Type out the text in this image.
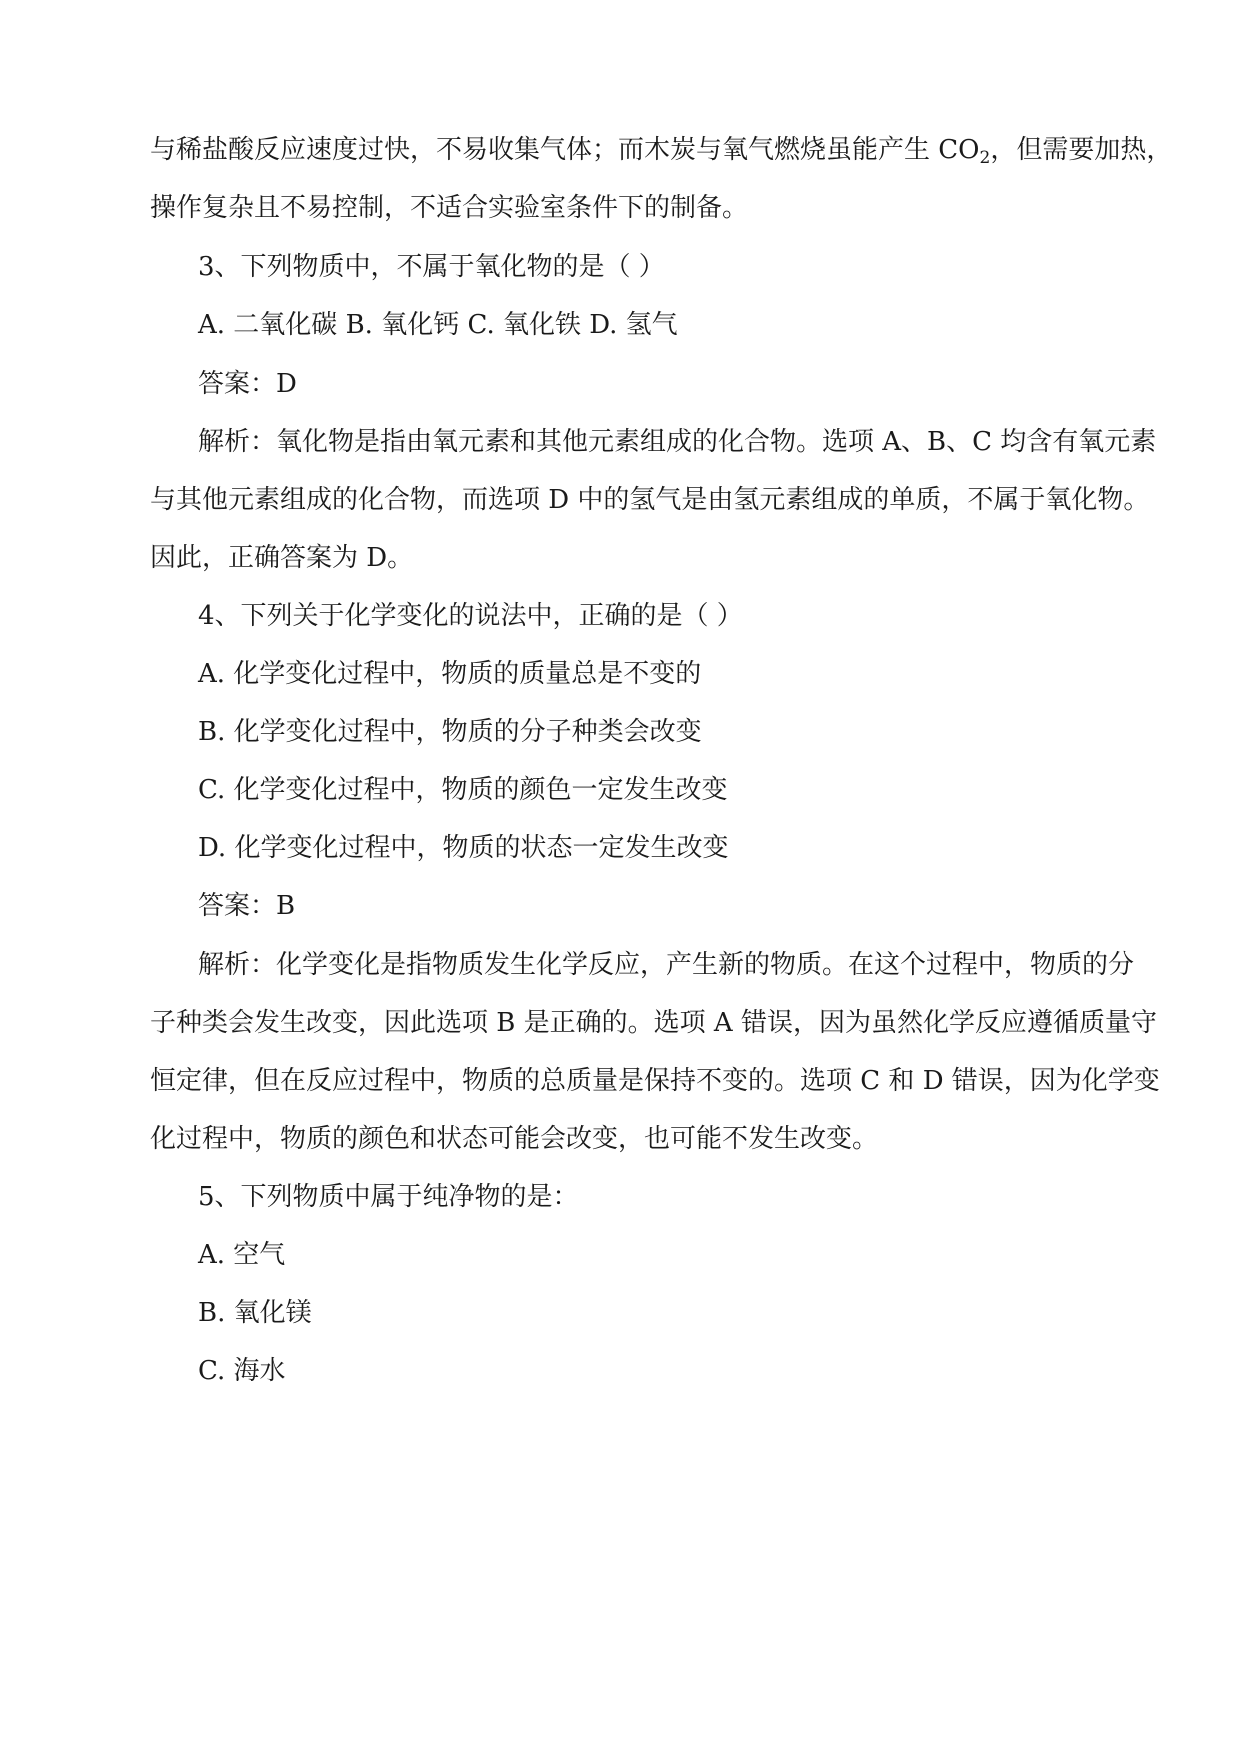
与稀盐酸反应速度过快，不易收集气体；而木炭与氧气燃烧虽能产生 $CO_2$，但需要加热，
操作复杂且不易控制，不适合实验室条件下的制备。
3、下列物质中，不属于氧化物的是（ ）
A. 二氧化碳 B. 氧化钙 C. 氧化铁 D. 氢气
答案：D
解析：氧化物是指由氧元素和其他元素组成的化合物。选项 A、B、C 均含有氧元素
与其他元素组成的化合物，而选项 D 中的氢气是由氢元素组成的单质，不属于氧化物。
因此，正确答案为 D。
4、下列关于化学变化的说法中，正确的是（ ）
A. 化学变化过程中，物质的质量总是不变的
B. 化学变化过程中，物质的分子种类会改变
C. 化学变化过程中，物质的颜色一定发生改变
D. 化学变化过程中，物质的状态一定发生改变
答案：B
解析：化学变化是指物质发生化学反应，产生新的物质。在这个过程中，物质的分
子种类会发生改变，因此选项 B 是正确的。选项 A 错误，因为虽然化学反应遵循质量守
恒定律，但在反应过程中，物质的总质量是保持不变的。选项 C 和 D 错误，因为化学变
化过程中，物质的颜色和状态可能会改变，也可能不发生改变。
5、下列物质中属于纯净物的是：
A. 空气
B. 氧化镁
C. 海水
